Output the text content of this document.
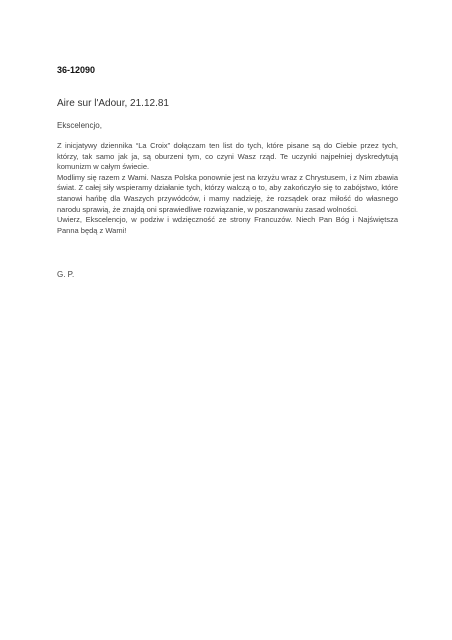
36-12090
Aire sur l'Adour, 21.12.81
Ekscelencjo,

Z inicjatywy dziennika “La Croix” dołączam ten list do tych, które pisane są do Ciebie przez tych, którzy, tak samo jak ja, są oburzeni tym, co czyni Wasz rząd. Te uczynki najpełniej dyskredytują komunizm w całym świecie.

Modlimy się razem z Wami. Nasza Polska ponownie jest na krzyżu wraz z Chrystusem, i z Nim zbawia świat. Z całej siły wspieramy działanie tych, którzy walczą o to, aby zakończyło się to zabójstwo, które stanowi hańbę dla Waszych przywódców, i mamy nadzieję, że rozsądek oraz miłość do własnego narodu sprawią, że znajdą oni sprawiedliwe rozwiązanie, w poszanowaniu zasad wolności.

Uwierz, Ekscelencjo, w podziw i wdzięczność ze strony Francuzów. Niech Pan Bóg i Najświętsza Panna będą z Wami!

G. P.
